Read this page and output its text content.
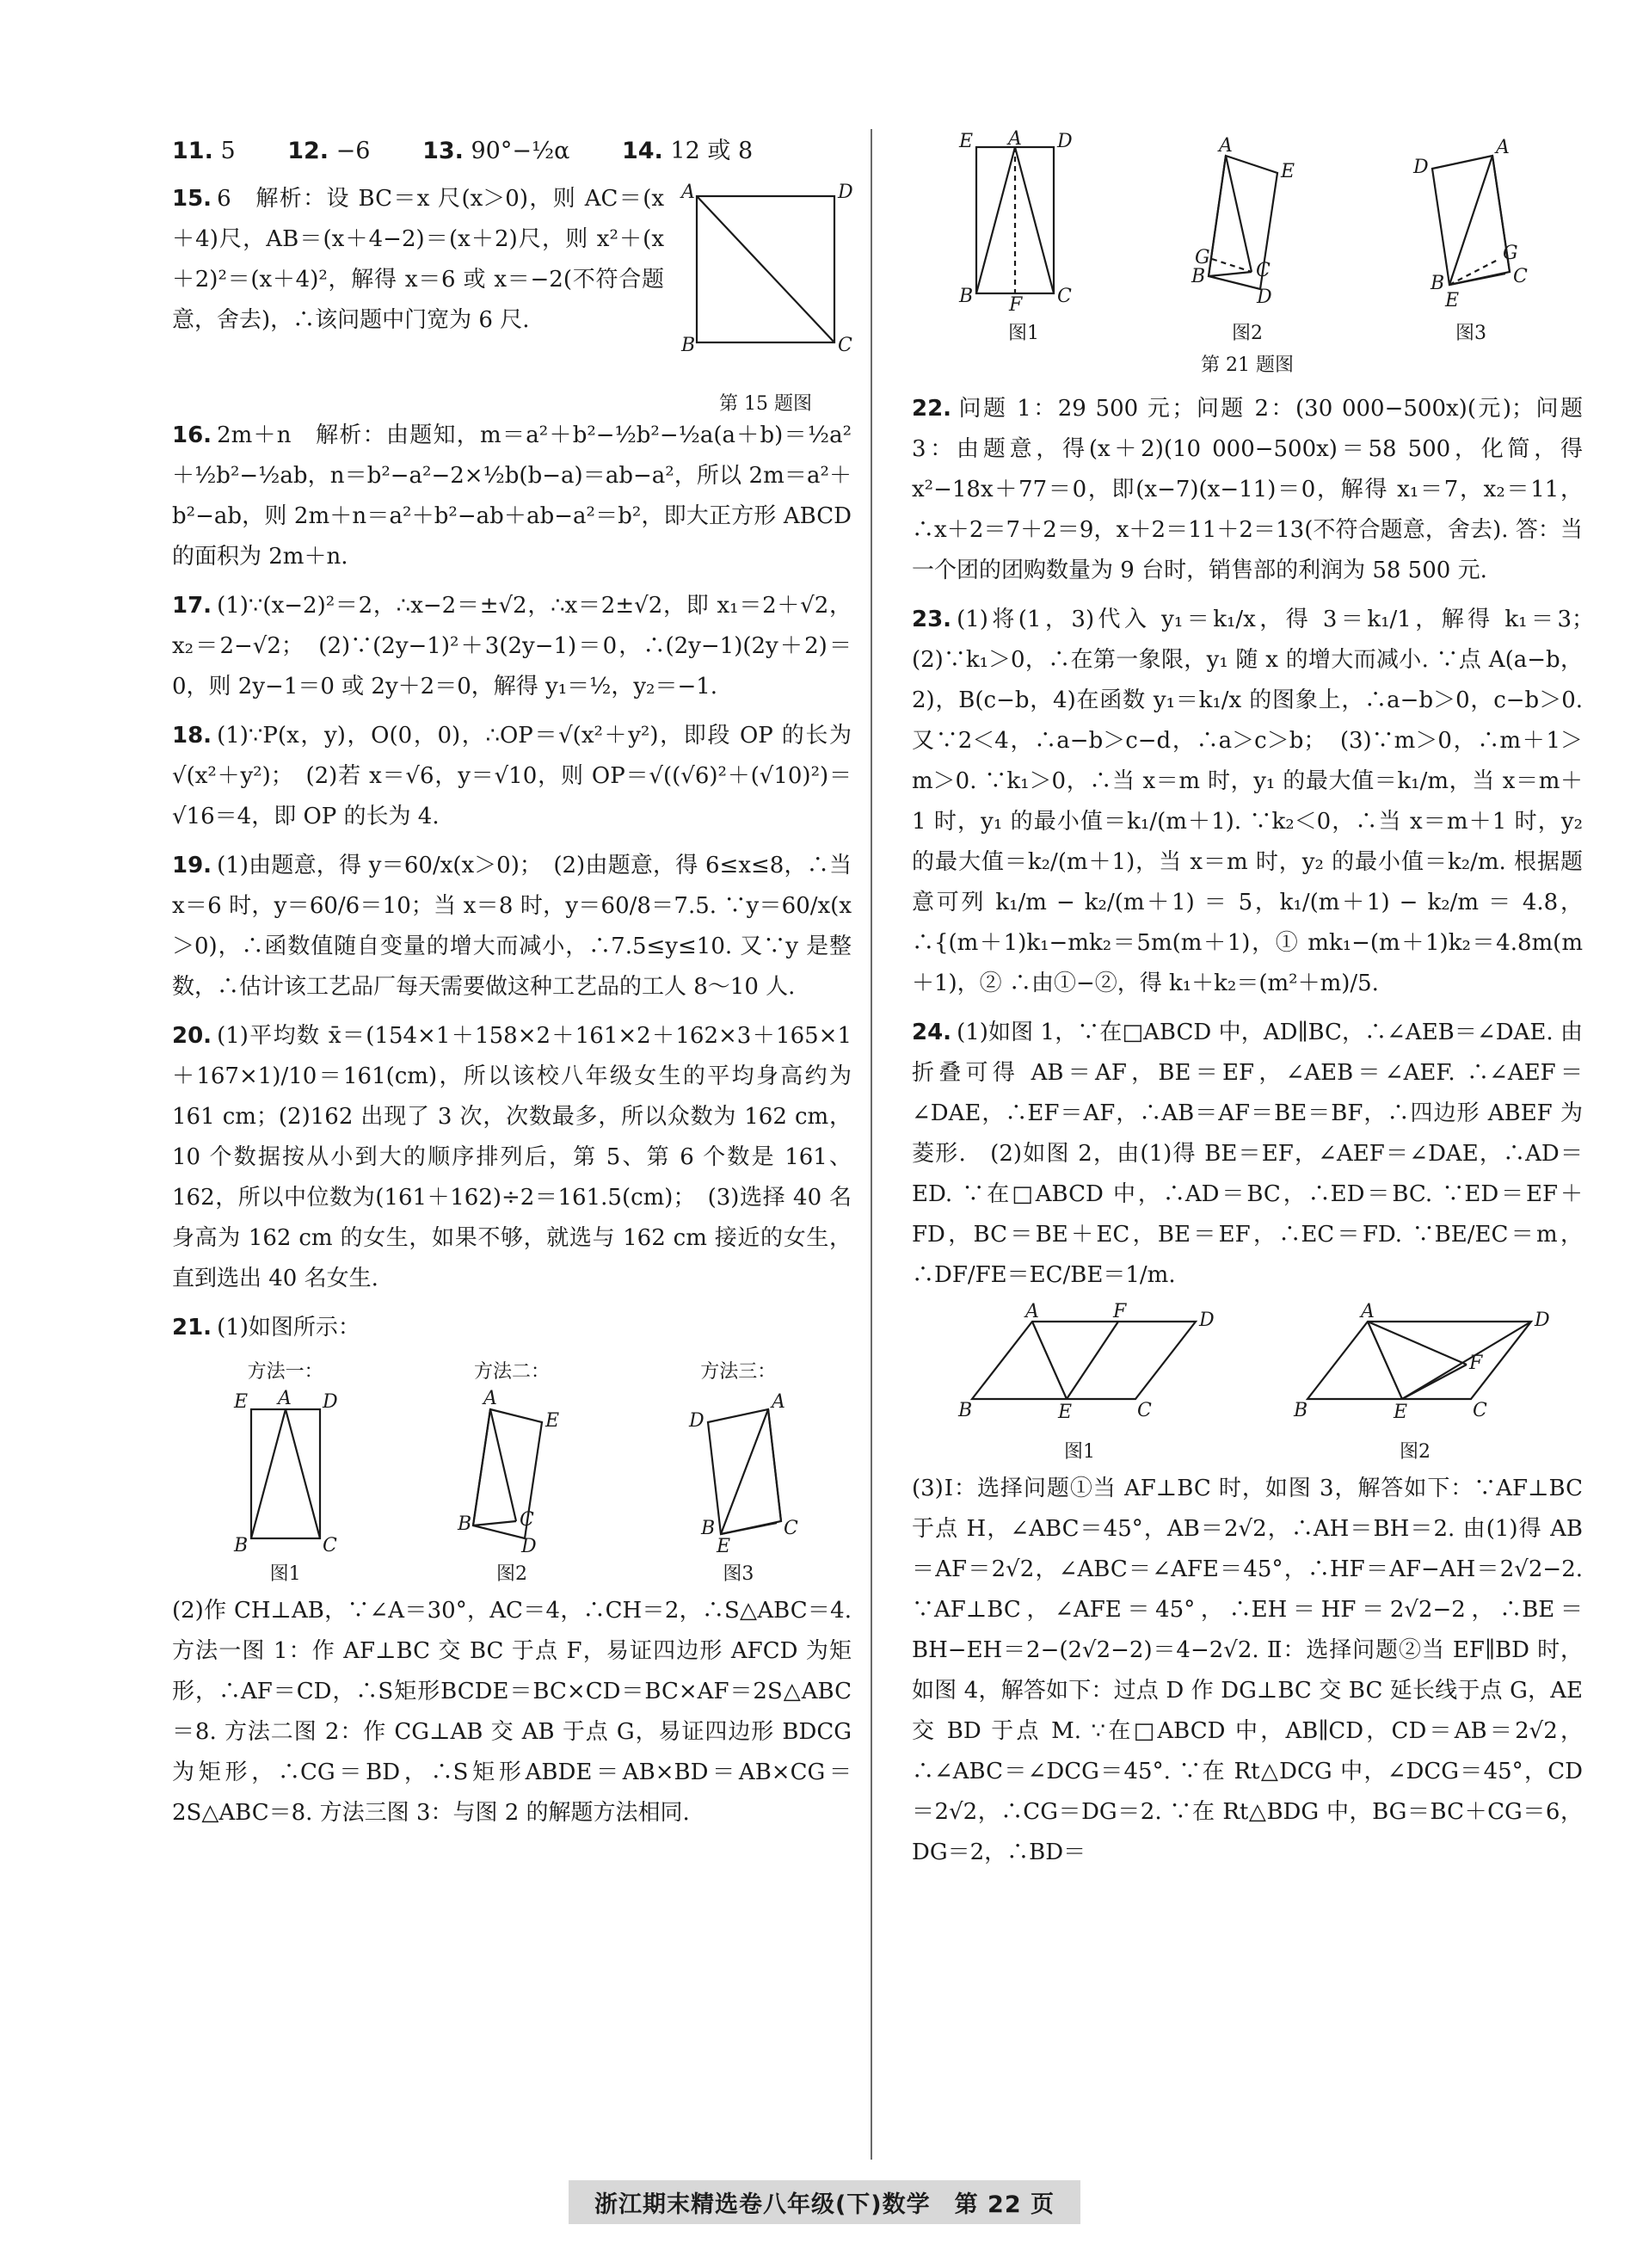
11. 5 12. −6 13. 90°−½α 14. 12 或 8
15. 6　解析：设 BC＝x 尺(x＞0)，则 AC＝(x＋4)尺，AB＝(x＋4−2)＝(x＋2)尺，则 x²＋(x＋2)²＝(x＋4)²，解得 x＝6 或 x＝−2(不符合题意，舍去)，∴该问题中门宽为 6 尺.
A	D
B	C
第 15 题图
16. 2m＋n　解析：由题知，m＝a²＋b²−½b²−½a(a＋b)＝½a²＋½b²−½ab，n＝b²−a²−2×½b(b−a)＝ab−a²，所以 2m＝a²＋b²−ab，则 2m＋n＝a²＋b²−ab＋ab−a²＝b²，即大正方形 ABCD 的面积为 2m＋n.
17. (1)∵(x−2)²＝2，∴x−2＝±√2，∴x＝2±√2，即 x₁＝2＋√2，x₂＝2−√2；　(2)∵(2y−1)²＋3(2y−1)＝0，∴(2y−1)(2y＋2)＝0，则 2y−1＝0 或 2y＋2＝0，解得 y₁＝½，y₂＝−1.
18. (1)∵P(x，y)，O(0，0)，∴OP＝√(x²＋y²)，即段 OP 的长为 √(x²＋y²)；　(2)若 x＝√6，y＝√10，则 OP＝√((√6)²＋(√10)²)＝√16＝4，即 OP 的长为 4.
19. (1)由题意，得 y＝60/x(x＞0)；　(2)由题意，得 6≤x≤8，∴当 x＝6 时，y＝60/6＝10；当 x＝8 时，y＝60/8＝7.5. ∵y＝60/x(x＞0)，∴函数值随自变量的增大而减小，∴7.5≤y≤10. 又∵y 是整数，∴估计该工艺品厂每天需要做这种工艺品的工人 8～10 人.
20. (1)平均数 x̄＝(154×1＋158×2＋161×2＋162×3＋165×1＋167×1)/10＝161(cm)，所以该校八年级女生的平均身高约为 161 cm；(2)162 出现了 3 次，次数最多，所以众数为 162 cm，10 个数据按从小到大的顺序排列后，第 5、第 6 个数是 161、162，所以中位数为(161＋162)÷2＝161.5(cm)；　(3)选择 40 名身高为 162 cm 的女生，如果不够，就选与 162 cm 接近的女生，直到选出 40 名女生.
21. (1)如图所示：
方法一：
E A D
B	C
图1
方法二：
A
E
B	C
D
图2
方法三：
D
A
B	C
E
图3
(2)作 CH⊥AB，∵∠A＝30°，AC＝4，∴CH＝2，∴S△ABC＝4. 方法一图 1：作 AF⊥BC 交 BC 于点 F，易证四边形 AFCD 为矩形，∴AF＝CD，∴S矩形BCDE＝BC×CD＝BC×AF＝2S△ABC＝8. 方法二图 2：作 CG⊥AB 交 AB 于点 G，易证四边形 BDCG 为矩形，∴CG＝BD，∴S矩形ABDE＝AB×BD＝AB×CG＝2S△ABC＝8. 方法三图 3：与图 2 的解题方法相同.
E A D
B F C
图1
A
E
G
B	C
D
图2
D
A
G
B	C
E
图3
第 21 题图
22. 问题 1：29 500 元；问题 2：(30 000−500x)(元)；问题 3：由题意，得(x＋2)(10 000−500x)＝58 500，化简，得 x²−18x＋77＝0，即(x−7)(x−11)＝0，解得 x₁＝7，x₂＝11，∴x＋2＝7＋2＝9，x＋2＝11＋2＝13(不符合题意，舍去). 答：当一个团的团购数量为 9 台时，销售部的利润为 58 500 元.
23. (1)将(1，3)代入 y₁＝k₁/x，得 3＝k₁/1，解得 k₁＝3；　(2)∵k₁＞0，∴在第一象限，y₁ 随 x 的增大而减小. ∵点 A(a−b，2)，B(c−b，4)在函数 y₁＝k₁/x 的图象上，∴a−b＞0，c−b＞0. 又∵2＜4，∴a−b＞c−d，∴a＞c＞b；　(3)∵m＞0，∴m＋1＞m＞0. ∵k₁＞0，∴当 x＝m 时，y₁ 的最大值＝k₁/m，当 x＝m＋1 时，y₁ 的最小值＝k₁/(m＋1). ∵k₂＜0，∴当 x＝m＋1 时，y₂ 的最大值＝k₂/(m＋1)，当 x＝m 时，y₂ 的最小值＝k₂/m. 根据题意可列 k₁/m − k₂/(m＋1) ＝ 5，k₁/(m＋1) − k₂/m ＝ 4.8，∴{(m＋1)k₁−mk₂＝5m(m＋1)，① mk₁−(m＋1)k₂＝4.8m(m＋1)，② ∴由①−②，得 k₁＋k₂＝(m²＋m)/5.
24. (1)如图 1，∵在□ABCD 中，AD∥BC，∴∠AEB＝∠DAE. 由折叠可得 AB＝AF，BE＝EF，∠AEB＝∠AEF. ∴∠AEF＝∠DAE，∴EF＝AF，∴AB＝AF＝BE＝BF，∴四边形 ABEF 为菱形.　(2)如图 2，由(1)得 BE＝EF，∠AEF＝∠DAE，∴AD＝ED. ∵在□ABCD 中，∴AD＝BC，∴ED＝BC. ∵ED＝EF＋FD，BC＝BE＋EC，BE＝EF，∴EC＝FD. ∵BE/EC＝m，∴DF/FE＝EC/BE＝1/m.
A	F	D
B	E	C
图1
A	D
F
B	E	C
图2
(3)Ⅰ：选择问题①当 AF⊥BC 时，如图 3，解答如下：∵AF⊥BC 于点 H，∠ABC＝45°，AB＝2√2，∴AH＝BH＝2. 由(1)得 AB＝AF＝2√2，∠ABC＝∠AFE＝45°，∴HF＝AF−AH＝2√2−2. ∵AF⊥BC，∠AFE＝45°，∴EH＝HF＝2√2−2，∴BE＝BH−EH＝2−(2√2−2)＝4−2√2. Ⅱ：选择问题②当 EF∥BD 时，如图 4，解答如下：过点 D 作 DG⊥BC 交 BC 延长线于点 G，AE 交 BD 于点 M. ∵在□ABCD 中，AB∥CD，CD＝AB＝2√2，∴∠ABC＝∠DCG＝45°. ∵在 Rt△DCG 中，∠DCG＝45°，CD＝2√2，∴CG＝DG＝2. ∵在 Rt△BDG 中，BG＝BC＋CG＝6，DG＝2，∴BD＝
浙江期末精选卷八年级(下)数学　第 22 页
